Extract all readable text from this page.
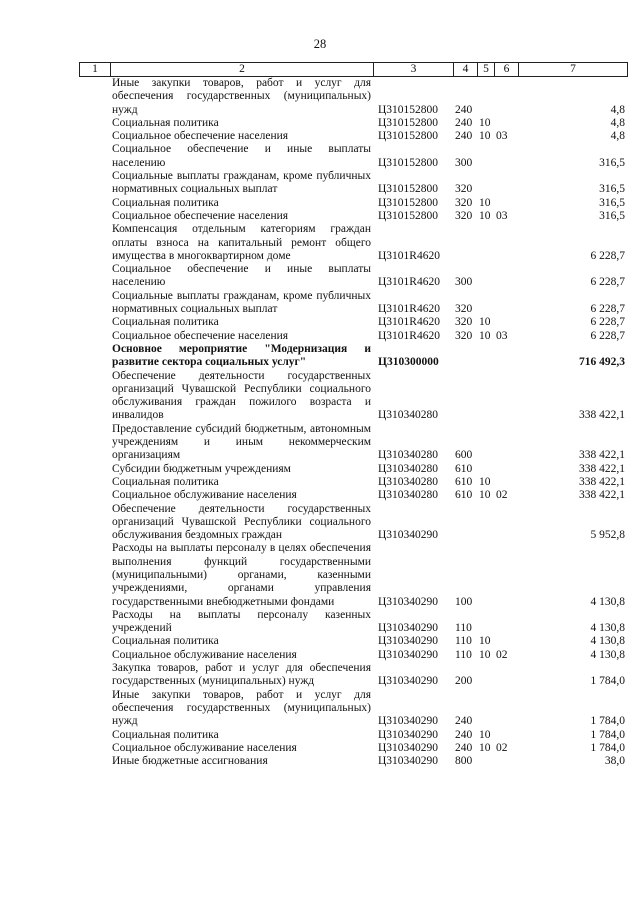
28
1	2	3	4	5	6	7
Иные закупки товаров, работ и услуг для обеспечения государственных (муниципальных) нужд	Ц310152800	240			4,8
Социальная политика	Ц310152800	240	10		4,8
Социальное обеспечение населения	Ц310152800	240	10	03	4,8
Социальное обеспечение и иные выплаты населению	Ц310152800	300			316,5
Социальные выплаты гражданам, кроме публичных нормативных социальных выплат	Ц310152800	320			316,5
Социальная политика	Ц310152800	320	10		316,5
Социальное обеспечение населения	Ц310152800	320	10	03	316,5
Компенсация отдельным категориям граждан оплаты взноса на капитальный ремонт общего имущества в многоквартирном доме	Ц3101R4620				6 228,7
Социальное обеспечение и иные выплаты населению	Ц3101R4620	300			6 228,7
Социальные выплаты гражданам, кроме публичных нормативных социальных выплат	Ц3101R4620	320			6 228,7
Социальная политика	Ц3101R4620	320	10		6 228,7
Социальное обеспечение населения	Ц3101R4620	320	10	03	6 228,7
Основное мероприятие "Модернизация и развитие сектора социальных услуг"	Ц310300000				716 492,3
Обеспечение деятельности государственных организаций Чувашской Республики социального обслуживания граждан пожилого возраста и инвалидов	Ц310340280				338 422,1
Предоставление субсидий бюджетным, автономным учреждениям и иным некоммерческим организациям	Ц310340280	600			338 422,1
Субсидии бюджетным учреждениям	Ц310340280	610			338 422,1
Социальная политика	Ц310340280	610	10		338 422,1
Социальное обслуживание населения	Ц310340280	610	10	02	338 422,1
Обеспечение деятельности государственных организаций Чувашской Республики социального обслуживания бездомных граждан	Ц310340290				5 952,8
Расходы на выплаты персоналу в целях обеспечения выполнения функций государственными (муниципальными) органами, казенными учреждениями, органами управления государственными внебюджетными фондами	Ц310340290	100			4 130,8
Расходы на выплаты персоналу казенных учреждений	Ц310340290	110			4 130,8
Социальная политика	Ц310340290	110	10		4 130,8
Социальное обслуживание населения	Ц310340290	110	10	02	4 130,8
Закупка товаров, работ и услуг для обеспечения государственных (муниципальных) нужд	Ц310340290	200			1 784,0
Иные закупки товаров, работ и услуг для обеспечения государственных (муниципальных) нужд	Ц310340290	240			1 784,0
Социальная политика	Ц310340290	240	10		1 784,0
Социальное обслуживание населения	Ц310340290	240	10	02	1 784,0
Иные бюджетные ассигнования	Ц310340290	800			38,0
